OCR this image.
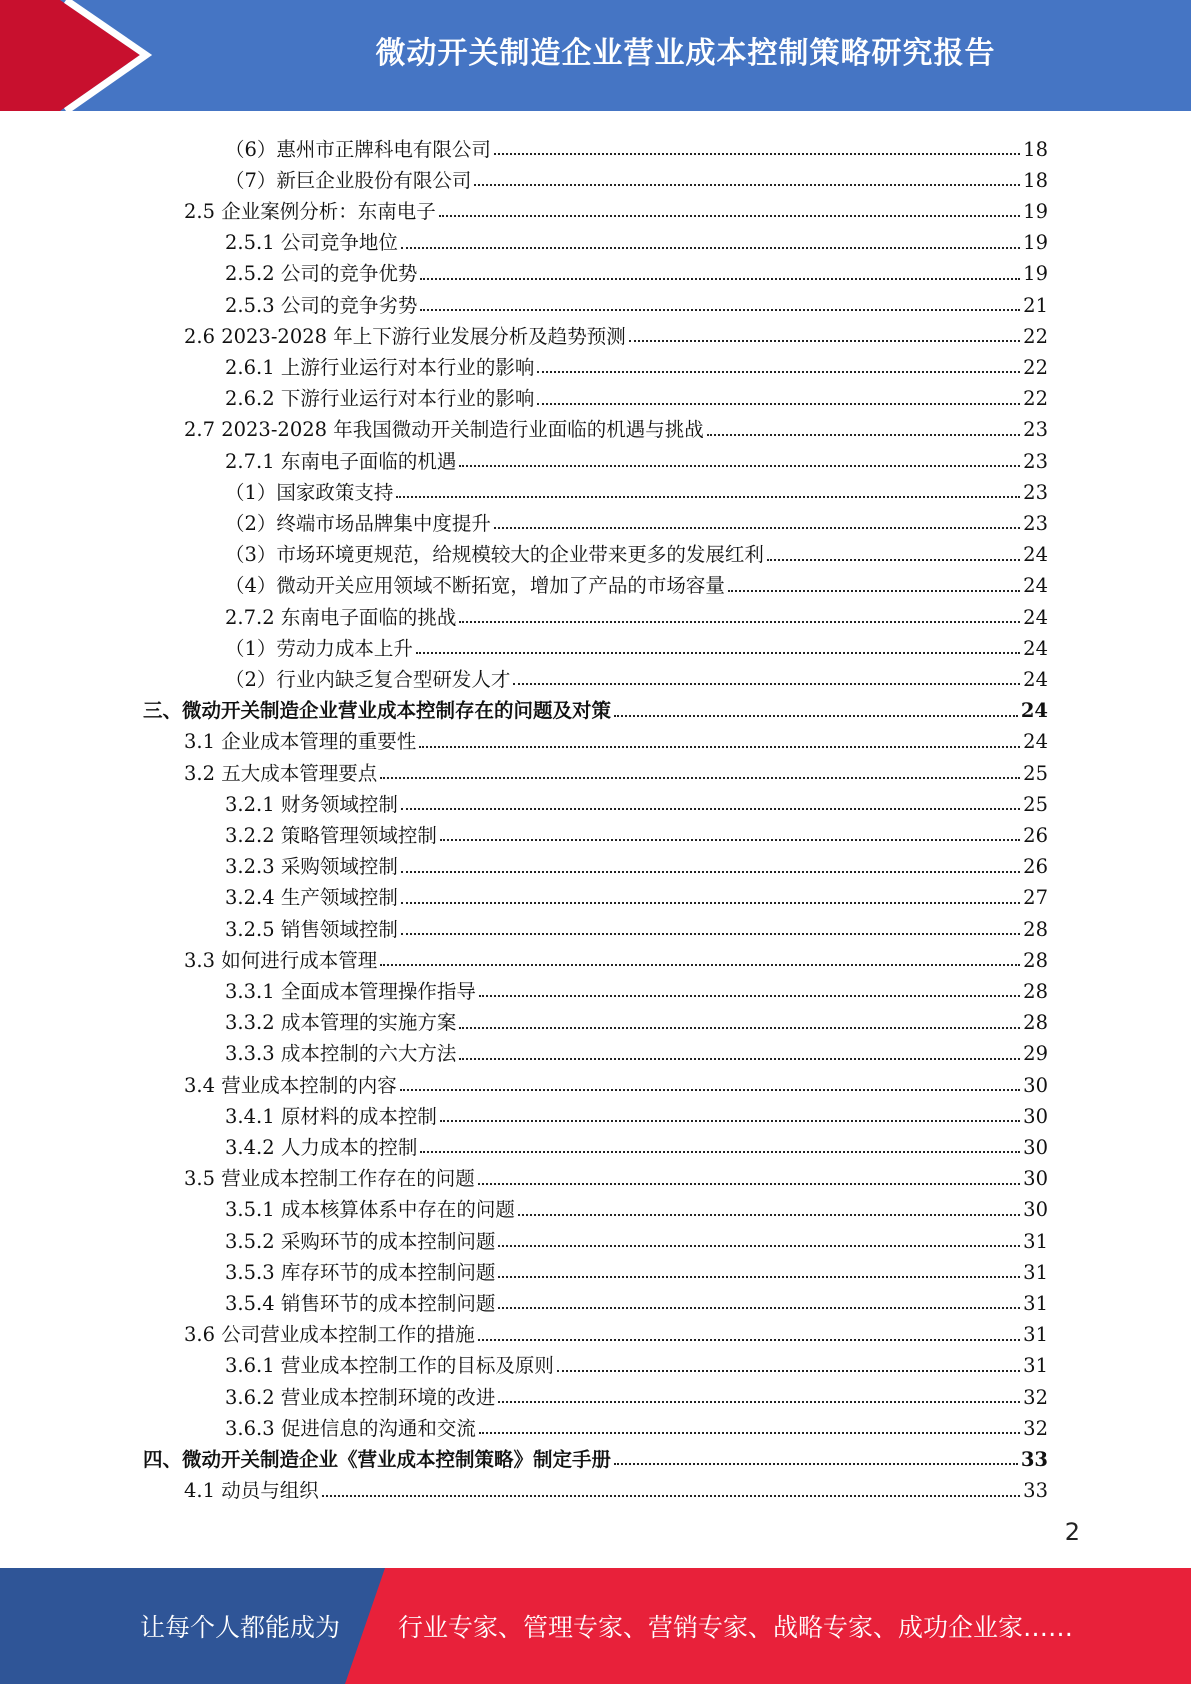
微动开关制造企业营业成本控制策略研究报告
（6）惠州市正牌科电有限公司	18
（7）新巨企业股份有限公司	18
2.5 企业案例分析：东南电子	19
2.5.1 公司竞争地位	19
2.5.2 公司的竞争优势	19
2.5.3 公司的竞争劣势	21
2.6 2023-2028 年上下游行业发展分析及趋势预测	22
2.6.1 上游行业运行对本行业的影响	22
2.6.2 下游行业运行对本行业的影响	22
2.7 2023-2028 年我国微动开关制造行业面临的机遇与挑战	23
2.7.1 东南电子面临的机遇	23
（1）国家政策支持	23
（2）终端市场品牌集中度提升	23
（3）市场环境更规范，给规模较大的企业带来更多的发展红利	24
（4）微动开关应用领域不断拓宽，增加了产品的市场容量	24
2.7.2 东南电子面临的挑战	24
（1）劳动力成本上升	24
（2）行业内缺乏复合型研发人才	24
三、微动开关制造企业营业成本控制存在的问题及对策	24
3.1 企业成本管理的重要性	24
3.2 五大成本管理要点	25
3.2.1 财务领域控制	25
3.2.2 策略管理领域控制	26
3.2.3 采购领域控制	26
3.2.4 生产领域控制	27
3.2.5 销售领域控制	28
3.3 如何进行成本管理	28
3.3.1 全面成本管理操作指导	28
3.3.2 成本管理的实施方案	28
3.3.3 成本控制的六大方法	29
3.4 营业成本控制的内容	30
3.4.1 原材料的成本控制	30
3.4.2 人力成本的控制	30
3.5 营业成本控制工作存在的问题	30
3.5.1 成本核算体系中存在的问题	30
3.5.2 采购环节的成本控制问题	31
3.5.3 库存环节的成本控制问题	31
3.5.4 销售环节的成本控制问题	31
3.6 公司营业成本控制工作的措施	31
3.6.1 营业成本控制工作的目标及原则	31
3.6.2 营业成本控制环境的改进	32
3.6.3 促进信息的沟通和交流	32
四、微动开关制造企业《营业成本控制策略》制定手册	33
4.1 动员与组织	33
2
让每个人都能成为 行业专家、管理专家、营销专家、战略专家、成功企业家……
